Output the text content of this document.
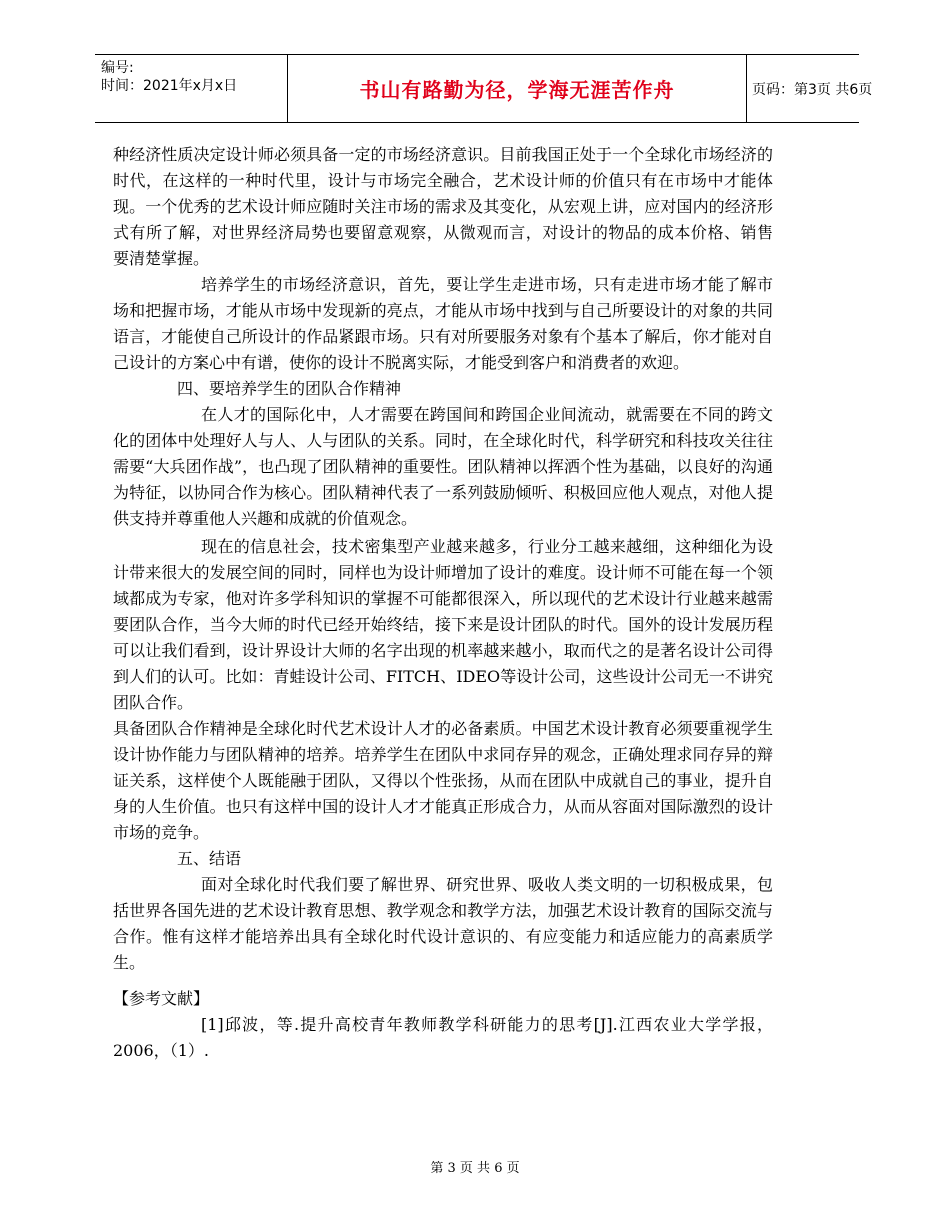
编号:
时间：2021年x月x日	书山有路勤为径，学海无涯苦作舟	页码：第3页 共6页

种经济性质决定设计师必须具备一定的市场经济意识。目前我国正处于一个全球化市场经济的时代，在这样的一种时代里，设计与市场完全融合，艺术设计师的价值只有在市场中才能体现。一个优秀的艺术设计师应随时关注市场的需求及其变化，从宏观上讲，应对国内的经济形式有所了解，对世界经济局势也要留意观察，从微观而言，对设计的物品的成本价格、销售 要清楚掌握。

培养学生的市场经济意识，首先，要让学生走进市场，只有走进市场才能了解市场和把握市场，才能从市场中发现新的亮点，才能从市场中找到与自己所要设计的对象的共同语言，才能使自己所设计的作品紧跟市场。只有对所要服务对象有个基本了解后，你才能对自己设计的方案心中有谱，使你的设计不脱离实际，才能受到客户和消费者的欢迎。

四、要培养学生的团队合作精神

在人才的国际化中，人才需要在跨国间和跨国企业间流动，就需要在不同的跨文化的团体中处理好人与人、人与团队的关系。同时，在全球化时代，科学研究和科技攻关往往需要“大兵团作战”，也凸现了团队精神的重要性。团队精神以挥洒个性为基础，以良好的沟通为特征，以协同合作为核心。团队精神代表了一系列鼓励倾听、积极回应他人观点，对他人提供支持并尊重他人兴趣和成就的价值观念。

现在的信息社会，技术密集型产业越来越多，行业分工越来越细，这种细化为设计带来很大的发展空间的同时，同样也为设计师增加了设计的难度。设计师不可能在每一个领域都成为专家，他对许多学科知识的掌握不可能都很深入，所以现代的艺术设计行业越来越需要团队合作，当今大师的时代已经开始终结，接下来是设计团队的时代。国外的设计发展历程可以让我们看到，设计界设计大师的名字出现的机率越来越小，取而代之的是著名设计公司得到人们的认可。比如：青蛙设计公司、FITCH、IDEO等设计公司，这些设计公司无一不讲究团队合作。

具备团队合作精神是全球化时代艺术设计人才的必备素质。中国艺术设计教育必须要重视学生设计协作能力与团队精神的培养。培养学生在团队中求同存异的观念，正确处理求同存异的辩证关系，这样使个人既能融于团队，又得以个性张扬，从而在团队中成就自己的事业，提升自身的人生价值。也只有这样中国的设计人才才能真正形成合力，从而从容面对国际激烈的设计市场的竞争。

五、结语

面对全球化时代我们要了解世界、研究世界、吸收人类文明的一切积极成果，包括世界各国先进的艺术设计教育思想、教学观念和教学方法，加强艺术设计教育的国际交流与合作。惟有这样才能培养出具有全球化时代设计意识的、有应变能力和适应能力的高素质学生。

【参考文献】

[1]邱波，等.提升高校青年教师教学科研能力的思考[J].江西农业大学学报，2006，（1）.

第 3 页 共 6 页
